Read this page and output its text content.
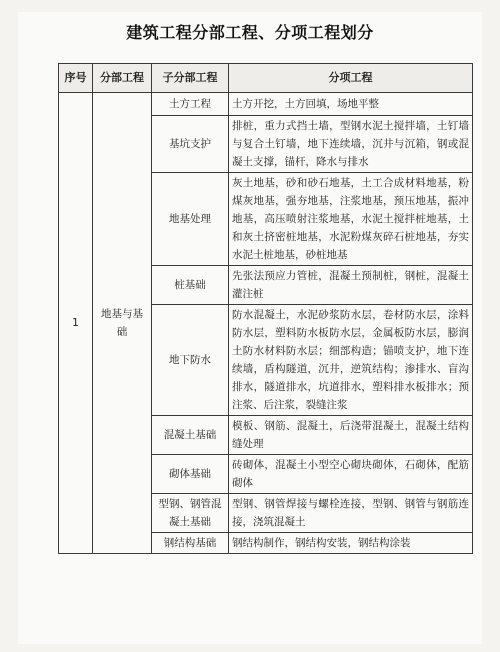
建筑工程分部工程、分项工程划分
序号	分部工程	子分部工程	分项工程
1	地基与基础	土方工程	土方开挖，土方回填，场地平整
		基坑支护	排桩，重力式挡土墙，型钢水泥土搅拌墙，土钉墙与复合土钉墙，地下连续墙，沉井与沉箱，钢或混凝土支撑，锚杆，降水与排水
		地基处理	灰土地基，砂和砂石地基，土工合成材料地基，粉煤灰地基，强夯地基，注浆地基，预压地基，振冲地基，高压喷射注浆地基，水泥土搅拌桩地基，土和灰土挤密桩地基，水泥粉煤灰碎石桩地基，夯实水泥土桩地基，砂桩地基
		桩基础	先张法预应力管桩，混凝土预制桩，钢桩，混凝土灌注桩
		地下防水	防水混凝土，水泥砂浆防水层，卷材防水层，涂料防水层，塑料防水板防水层，金属板防水层，膨润土防水材料防水层；细部构造；锚喷支护，地下连续墙，盾构隧道，沉井，逆筑结构；渗排水、盲沟排水，隧道排水，坑道排水，塑料排水板排水；预注浆、后注浆，裂缝注浆
		混凝土基础	模板、钢筋、混凝土，后浇带混凝土，混凝土结构缝处理
		砌体基础	砖砌体，混凝土小型空心砌块砌体，石砌体，配筋砌体
		型钢、钢管混凝土基础	型钢、钢管焊接与螺栓连接，型钢、钢管与钢筋连接，浇筑混凝土
		钢结构基础	钢结构制作，钢结构安装，钢结构涂装
